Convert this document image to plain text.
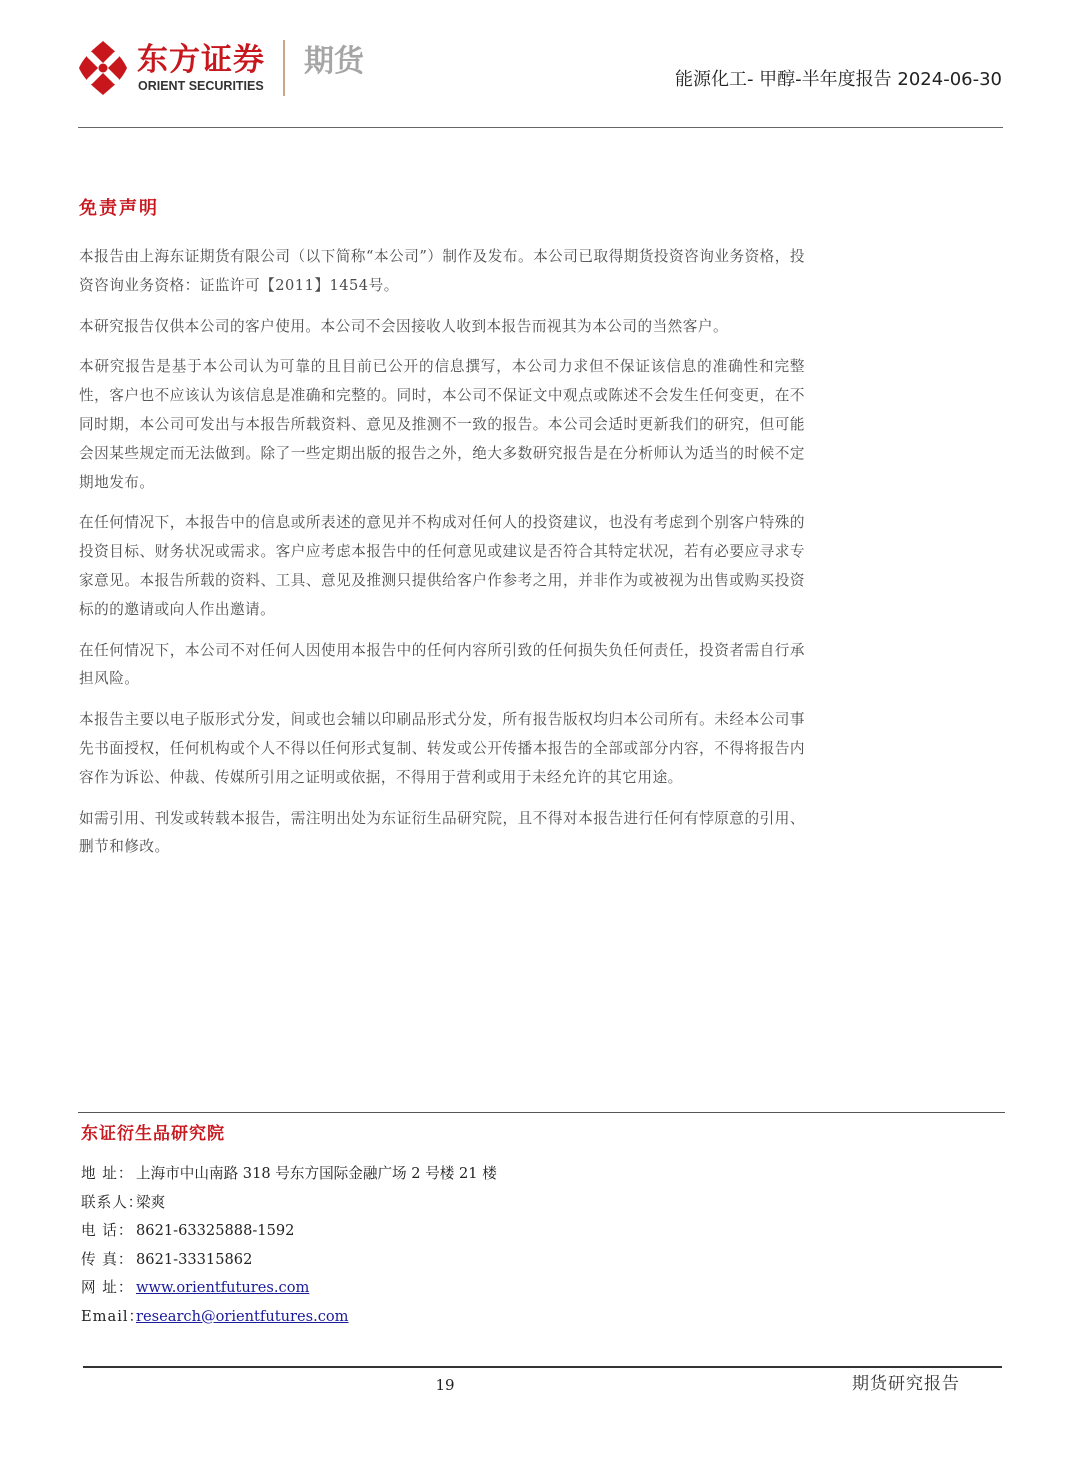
东方证券
ORIENT SECURITIES
期货
能源化工- 甲醇-半年度报告 2024-06-30
免责声明

本报告由上海东证期货有限公司（以下简称“本公司”）制作及发布。本公司已取得期货投资咨询业务资格，投资咨询业务资格：证监许可【2011】1454号。

本研究报告仅供本公司的客户使用。本公司不会因接收人收到本报告而视其为本公司的当然客户。

本研究报告是基于本公司认为可靠的且目前已公开的信息撰写，本公司力求但不保证该信息的准确性和完整性，客户也不应该认为该信息是准确和完整的。同时，本公司不保证文中观点或陈述不会发生任何变更，在不同时期，本公司可发出与本报告所载资料、意见及推测不一致的报告。本公司会适时更新我们的研究，但可能会因某些规定而无法做到。除了一些定期出版的报告之外，绝大多数研究报告是在分析师认为适当的时候不定期地发布。

在任何情况下，本报告中的信息或所表述的意见并不构成对任何人的投资建议，也没有考虑到个别客户特殊的投资目标、财务状况或需求。客户应考虑本报告中的任何意见或建议是否符合其特定状况，若有必要应寻求专家意见。本报告所载的资料、工具、意见及推测只提供给客户作参考之用，并非作为或被视为出售或购买投资标的的邀请或向人作出邀请。

在任何情况下，本公司不对任何人因使用本报告中的任何内容所引致的任何损失负任何责任，投资者需自行承担风险。

本报告主要以电子版形式分发，间或也会辅以印刷品形式分发，所有报告版权均归本公司所有。未经本公司事先书面授权，任何机构或个人不得以任何形式复制、转发或公开传播本报告的全部或部分内容，不得将报告内容作为诉讼、仲裁、传媒所引用之证明或依据，不得用于营利或用于未经允许的其它用途。

如需引用、刊发或转载本报告，需注明出处为东证衍生品研究院，且不得对本报告进行任何有悖原意的引用、删节和修改。

东证衍生品研究院
地 址： 上海市中山南路 318 号东方国际金融广场 2 号楼 21 楼
联系人：梁爽
电 话： 8621-63325888-1592
传 真： 8621-33315862
网 址： www.orientfutures.com
Email：research@orientfutures.com
19	期货研究报告
